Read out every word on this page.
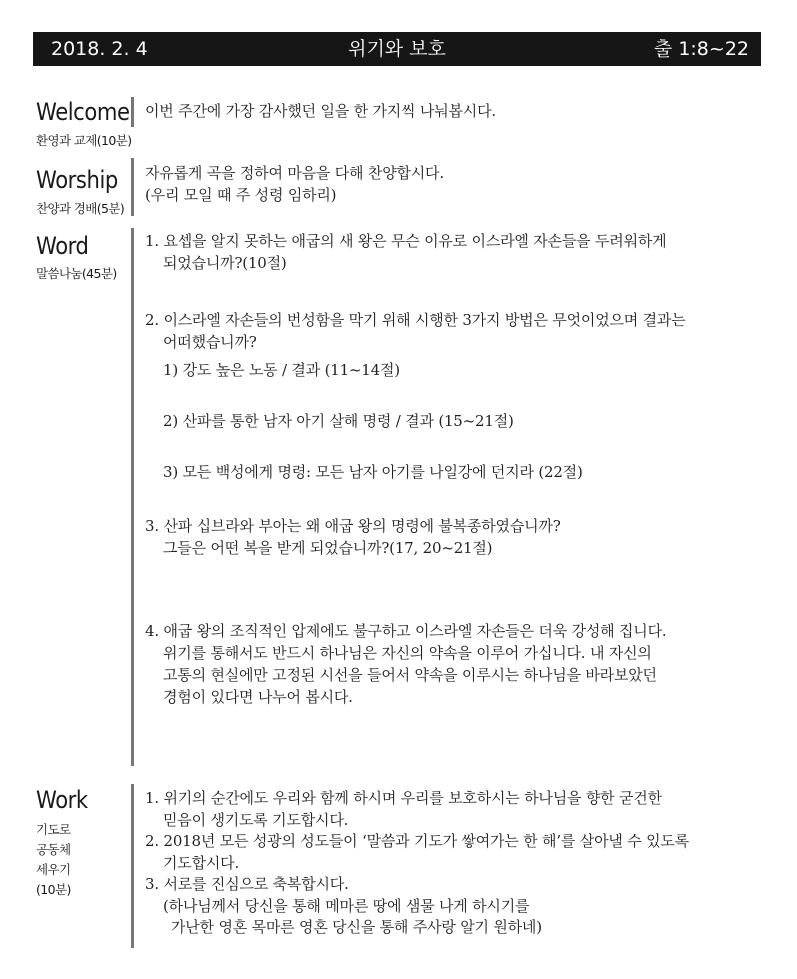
2018. 2. 4	위기와 보호	출 1:8~22
Welcome
환영과 교제(10분)

이번 주간에 가장 감사했던 일을 한 가지씩 나눠봅시다.

Worship
찬양과 경배(5분)

자유롭게 곡을 정하여 마음을 다해 찬양합시다.

(우리 모일 때 주 성령 임하리)

Word
말씀나눔(45분)

1. 요셉을 알지 못하는 애굽의 새 왕은 무슨 이유로 이스라엘 자손들을 두려워하게

되었습니까?(10절)

2. 이스라엘 자손들의 번성함을 막기 위해 시행한 3가지 방법은 무엇이었으며 결과는

어떠했습니까?

1) 강도 높은 노동 / 결과 (11~14절)
2) 산파를 통한 남자 아기 살해 명령 / 결과 (15~21절)
3) 모든 백성에게 명령: 모든 남자 아기를 나일강에 던지라 (22절)

3. 산파 십브라와 부아는 왜 애굽 왕의 명령에 불복종하였습니까?

그들은 어떤 복을 받게 되었습니까?(17, 20~21절)

4. 애굽 왕의 조직적인 압제에도 불구하고 이스라엘 자손들은 더욱 강성해 집니다.

위기를 통해서도 반드시 하나님은 자신의 약속을 이루어 가십니다. 내 자신의

고통의 현실에만 고정된 시선을 들어서 약속을 이루시는 하나님을 바라보았던

경험이 있다면 나누어 봅시다.

Work
기도로
공동체
세우기
(10분)

1. 위기의 순간에도 우리와 함께 하시며 우리를 보호하시는 하나님을 향한 굳건한

믿음이 생기도록 기도합시다.

2. 2018년 모든 성광의 성도들이 ‘말씀과 기도가 쌓여가는 한 해’를 살아낼 수 있도록

기도합시다.

3. 서로를 진심으로 축복합시다.

(하나님께서 당신을 통해 메마른 땅에 샘물 나게 하시기를

가난한 영혼 목마른 영혼 당신을 통해 주사랑 알기 원하네)
